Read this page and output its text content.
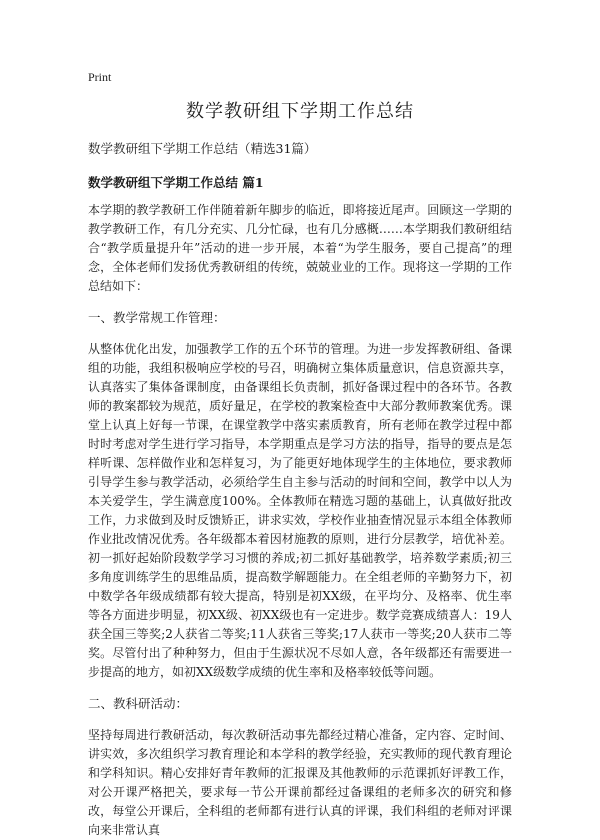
Print
数学教研组下学期工作总结
数学教研组下学期工作总结（精选31篇）
数学教研组下学期工作总结 篇1

本学期的教学教研工作伴随着新年脚步的临近，即将接近尾声。回顾这一学期的教学教研工作，有几分充实、几分忙碌，也有几分感概……本学期我们教研组结合“教学质量提升年”活动的进一步开展，本着“为学生服务，要自己提高”的理念，全体老师们发扬优秀教研组的传统，兢兢业业的工作。现将这一学期的工作总结如下：

一、教学常规工作管理：

从整体优化出发，加强教学工作的五个环节的管理。为进一步发挥教研组、备课组的功能，我组积极响应学校的号召，明确树立集体质量意识，信息资源共享，认真落实了集体备课制度，由备课组长负责制，抓好备课过程中的各环节。各教师的教案都较为规范，质好量足，在学校的教案检查中大部分教师教案优秀。课堂上认真上好每一节课，在课堂教学中落实素质教育，所有老师在教学过程中都时时考虑对学生进行学习指导，本学期重点是学习方法的指导，指导的要点是怎样听课、怎样做作业和怎样复习，为了能更好地体现学生的主体地位，要求教师引导学生参与教学活动，必须给学生自主参与活动的时间和空间，教学中以人为本关爱学生，学生满意度100%。全体教师在精选习题的基础上，认真做好批改工作，力求做到及时反馈矫正，讲求实效，学校作业抽查情况显示本组全体教师作业批改情况优秀。各年级都本着因材施教的原则，进行分层教学，培优补差。初一抓好起始阶段数学学习习惯的养成;初二抓好基础教学，培养数学素质;初三多角度训练学生的思维品质，提高数学解题能力。在全组老师的辛勤努力下，初中数学各年级成绩都有较大提高，特别是初XX级，在平均分、及格率、优生率等各方面进步明显，初XX级、初XX级也有一定进步。数学竞赛成绩喜人：19人获全国三等奖;2人获省二等奖;11人获省三等奖;17人获市一等奖;20人获市二等奖。尽管付出了种种努力，但由于生源状况不尽如人意，各年级都还有需要进一步提高的地方，如初XX级数学成绩的优生率和及格率较低等问题。

二、教科研活动：

坚持每周进行教研活动，每次教研活动事先都经过精心准备，定内容、定时间、讲实效，多次组织学习教育理论和本学科的教学经验，充实教师的现代教育理论和学科知识。精心安排好青年教师的汇报课及其他教师的示范课抓好评教工作，对公开课严格把关，要求每一节公开课前都经过备课组的老师多次的研究和修改，每堂公开课后，全科组的老师都有进行认真的评课，我们科组的老师对评课向来非常认真
